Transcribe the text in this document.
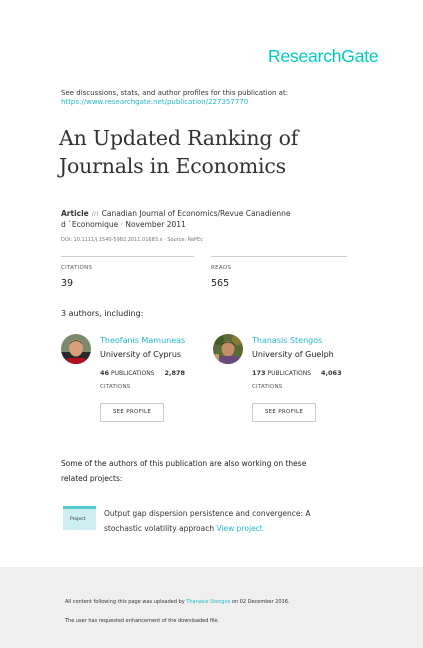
ResearchGate
See discussions, stats, and author profiles for this publication at:
https://www.researchgate.net/publication/227357770
An Updated Ranking of
Journals in Economics
Article in Canadian Journal of Economics/Revue Canadienne
d `Economique · November 2011
DOI: 10.1111/j.1540-5982.2011.01683.x · Source: RePEc
CITATIONS
39
READS
565
3 authors, including:
Theofanis Mamuneas
University of Cyprus
46 PUBLICATIONS 2,878
CITATIONS
SEE PROFILE
Thanasis Stengos
University of Guelph
173 PUBLICATIONS 4,063
CITATIONS
SEE PROFILE

Some of the authors of this publication are also working on these
related projects:

Project
Output gap dispersion persistence and convergence: A
stochastic volatility approach View project
All content following this page was uploaded by Thanasis Stengos on 02 December 2016.
The user has requested enhancement of the downloaded file.
